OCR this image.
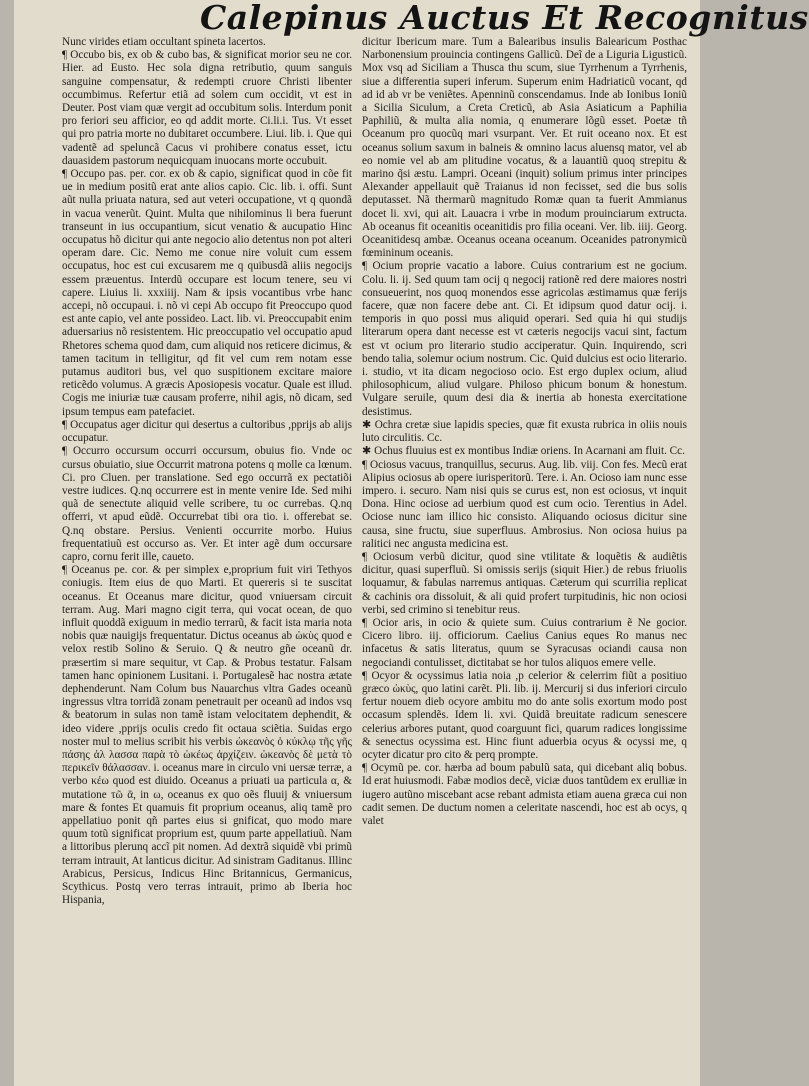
Calepinus Auctus Et Recognitus

Nunc virides etiam occultant spineta lacertos.

¶ Occubo bis, ex ob & cubo bas, & significat morior seu ne cor. Hier. ad Eusto. Hec sola digna retributio, quum sanguis sanguine compensatur, & redempti cruore Christi libenter occumbimus. Refertur etiã ad solem cum occidit, vt est in Deuter. Post viam quæ vergit ad occubitum solis. Interdum ponit pro feriori seu afficior, eo qd addit morte. Ci.li.i. Tus. Vt esset qui pro patria morte no dubitaret occumbere. Liui. lib. i. Que qui vadentẽ ad speluncã Cacus vi prohibere conatus esset, ictu dauasidem pastorum nequicquam inuocans morte occubuit.

¶ Occupo pas. per. cor. ex ob & capio, significat quod in cõe fit ue in medium positũ erat ante alios capio. Cic. lib. i. offi. Sunt aũt nulla priuata natura, sed aut veteri occupatione, vt q quondã in vacua venerũt. Quint. Multa que nihilominus li bera fuerunt transeunt in ius occupantium, sicut venatio & aucupatio Hinc occupatus hõ dicitur qui ante negocio alio detentus non pot alteri operam dare. Cic. Nemo me conue nire voluit cum essem occupatus, hoc est cui excusarem me q quibusdã aliis negocijs essem præuentus. Interdũ occupare est locum tenere, seu vi capere. Liuius li. xxxiiij. Nam & ipsis vocantibus vrbe hanc accepi, nõ occupaui. i. nõ vi cepi Ab occupo fit Preoccupo quod est ante capio, vel ante possideo. Lact. lib. vi. Preoccupabit enim aduersarius nõ resistentem. Hic preoccupatio vel occupatio apud Rhetores schema quod dam, cum aliquid nos reticere dicimus, & tamen tacitum in telligitur, qd fit vel cum rem notam esse putamus auditori bus, vel quo suspitionem excitare maiore reticẽdo volumus. A græcis Aposiopesis vocatur. Quale est illud. Cogis me iniuriæ tuæ causam proferre, nihil agis, nõ dicam, sed ipsum tempus eam patefaciet.

¶ Occupatus ager dicitur qui desertus a cultoribus ,pprijs ab alijs occupatur.

¶ Occurro occursum occurri occursum, obuius fio. Vnde oc cursus obuiatio, siue Occurrit matrona potens q molle ca lœnum. Ci. pro Cluen. per translatione. Sed ego occurrã ex pectatiõi vestre iudices. Q.nq occurrere est in mente venire Ide. Sed mihi quã de senectute aliquid velle scribere, tu oc currebas. Q.nq offerri, vt apud eũdẽ. Occurrebat tibi ora tio. i. offerebat se. Q.nq obstare. Persius. Venienti occurrite morbo. Huius frequentatiuũ est occurso as. Ver. Et inter agẽ dum occursare capro, cornu ferit ille, caueto.

¶ Oceanus pe. cor. & per simplex e,proprium fuit viri Tethyos coniugis. Item eius de quo Marti. Et quereris si te suscitat oceanus. Et Oceanus mare dicitur, quod vniuersam circuit terram. Aug. Mari magno cigit terra, qui vocat ocean, de quo influit quoddã exiguum in medio terrarũ, & facit ista maria nota nobis quæ nauigijs frequentatur. Dictus oceanus ab ὠκὺς quod e velox restib Solino & Seruio. Q & neutro gñe oceanũ dr. præsertim si mare sequitur, vt Cap. & Probus testatur. Falsam tamen hanc opinionem Lusitani. i. Portugalesẽ hac nostra ætate dephenderunt. Nam Colum bus Nauarchus vltra Gades oceanũ ingressus vltra torridã zonam penetrauit per oceanũ ad indos vsq & beatorum in sulas non tamẽ istam velocitatem dephendit, & ideo videre ,pprijs oculis credo fit octaua sciẽtia. Suidas ergo noster mul to melius scribit his verbis ὠκεανὸς ὁ κύκλῳ τῆς γῆς πάσης ἀλ λασσα παρὰ τὸ ὠκέως ἀρχίζειν. ὠκεανὸς δὲ μετὰ τὸ περικεῖν θάλασσαν. i. oceanus mare in circulo vni uersæ terræ, a verbo κέω quod est diuido. Oceanus a priuati ua particula α, & mutatione τῶ ᾶ, in ω, oceanus ex quo oẽs fluuij & vniuersum mare & fontes Et quamuis fit proprium oceanus, aliq tamẽ pro appellatiuo ponit qñ partes eius si gnificat, quo modo mare quum totũ significat proprium est, quum parte appellatiuũ. Nam a littoribus plerunq accĩ pit nomen. Ad dextrã siquidẽ vbi primũ terram intrauit, At lanticus dicitur. Ad sinistram Gaditanus. Illinc Arabicus, Persicus, Indicus Hinc Britannicus, Germanicus, Scythicus. Postq vero terras intrauit, primo ab Iberia hoc Hispania,

dicitur Ibericum mare. Tum a Balearibus insulis Balearicum Posthac Narbonensium prouincia contingens Gallicũ. Deĩ de a Liguria Ligusticũ. Mox vsq ad Siciliam a Thusca thu scum, siue Tyrrhenum a Tyrrhenis, siue a differentia superi inferum. Superum enim Hadriaticũ vocant, qd ad id ab vr be veniẽtes. Apenninũ conscendamus. Inde ab Ionibus Ioniũ a Sicilia Siculum, a Creta Creticũ, ab Asia Asiaticum a Paphilia Paphiliũ, & multa alia nomia, q enumerare lõgũ esset. Poetæ tñ Oceanum pro quocũq mari vsurpant. Ver. Et ruit oceano nox. Et est oceanus solium saxum in balneis & omnino lacus aluensq mator, vel ab eo nomie vel ab am plitudine vocatus, & a lauantiũ quoq strepitu & marino q̃si æstu. Lampri. Oceani (inquit) solium primus inter principes Alexander appellauit quẽ Traianus id non fecisset, sed die bus solis deputasset. Nã thermarũ magnitudo Romæ quan ta fuerit Ammianus docet li. xvi, qui ait. Lauacra i vrbe in modum prouinciarum extructa. Ab oceanus fit oceanitis oceanitidis pro filia oceani. Ver. lib. iiij. Georg. Oceanitidesq ambæ. Oceanus oceana oceanum. Oceanides patronymicũ fœmininum oceanis.

¶ Ocium proprie vacatio a labore. Cuius contrarium est ne gocium. Colu. li. ij. Sed quum tam ocij q negocij rationẽ red dere maiores nostri consueuerint, nos quoq monendos esse agricolas æstimamus quæ ferijs facere, quæ non facere debe ant. Ci. Et idipsum quod datur ocij. i. temporis in quo possi mus aliquid operari. Sed quia hi qui studijs literarum opera dant necesse est vt cæteris negocijs vacui sint, factum est vt ocium pro literario studio acciperatur. Quin. Inquirendo, scri bendo talia, solemur ocium nostrum. Cic. Quid dulcius est ocio literario. i. studio, vt ita dicam negocioso ocio. Est ergo duplex ocium, aliud philosophicum, aliud vulgare. Philoso phicum bonum & honestum. Vulgare seruile, quum desi dia & inertia ab honesta exercitatione desistimus.

✱ Ochra cretæ siue lapidis species, quæ fit exusta rubrica in oliis nouis luto circulitis. Cc.

✱ Ochus fluuius est ex montibus Indiæ oriens. In Acarnani am fluit. Cc.

¶ Ociosus vacuus, tranquillus, securus. Aug. lib. viij. Con fes. Mecũ erat Alipius ociosus ab opere iurisperitorũ. Tere. i. An. Ocioso iam nunc esse impero. i. securo. Nam nisi quis se curus est, non est ociosus, vt inquit Dona. Hinc ociose ad uerbium quod est cum ocio. Terentius in Adel. Ociose nunc iam illico hic consisto. Aliquando ociosus dicitur sine causa, sine fructu, siue superfluus. Ambrosius. Non ociosa huius pa ralitici nec angusta medicina est.

¶ Ociosum verbũ dicitur, quod sine vtilitate & loquẽtis & audiẽtis dicitur, quasi superfluũ. Si omissis serijs (siquit Hier.) de rebus friuolis loquamur, & fabulas narremus antiquas. Cæterum qui scurrilia replicat & cachinis ora dissoluit, & ali quid profert turpitudinis, hic non ociosi verbi, sed crimino si tenebitur reus.

¶ Ocior aris, in ocio & quiete sum. Cuius contrarium ẽ Ne gocior. Cicero libro. iij. officiorum. Caelius Canius eques Ro manus nec infacetus & satis literatus, quum se Syracusas ociandi causa non negociandi contulisset, dictitabat se hor tulos aliquos emere velle.

¶ Ocyor & ocyssimus latia noia ,p celerior & celerrim fiũt a positiuo græco ὠκὺς, quo latini carẽt. Pli. lib. ij. Mercurij si dus inferiori circulo fertur nouem dieb ocyore ambitu mo do ante solis exortum modo post occasum splendẽs. Idem li. xvi. Quidã breuitate radicum senescere celerius arbores putant, quod coarguunt fici, quarum radices longissime & senectus ocyssima est. Hinc fiunt aduerbia ocyus & ocyssi me, q ocyter dicatur pro cito & perq prompte.

¶ Ocymũ pe. cor. hærba ad boum pabulũ sata, qui dicebant aliq bobus. Id erat huiusmodi. Fabæ modios decẽ, viciæ duos tantũdem ex erulliæ in iugero autũno miscebant acse rebant admista etiam auena græca cui non cadit semen. De ductum nomen a celeritate nascendi, hoc est ab ocys, q valet
